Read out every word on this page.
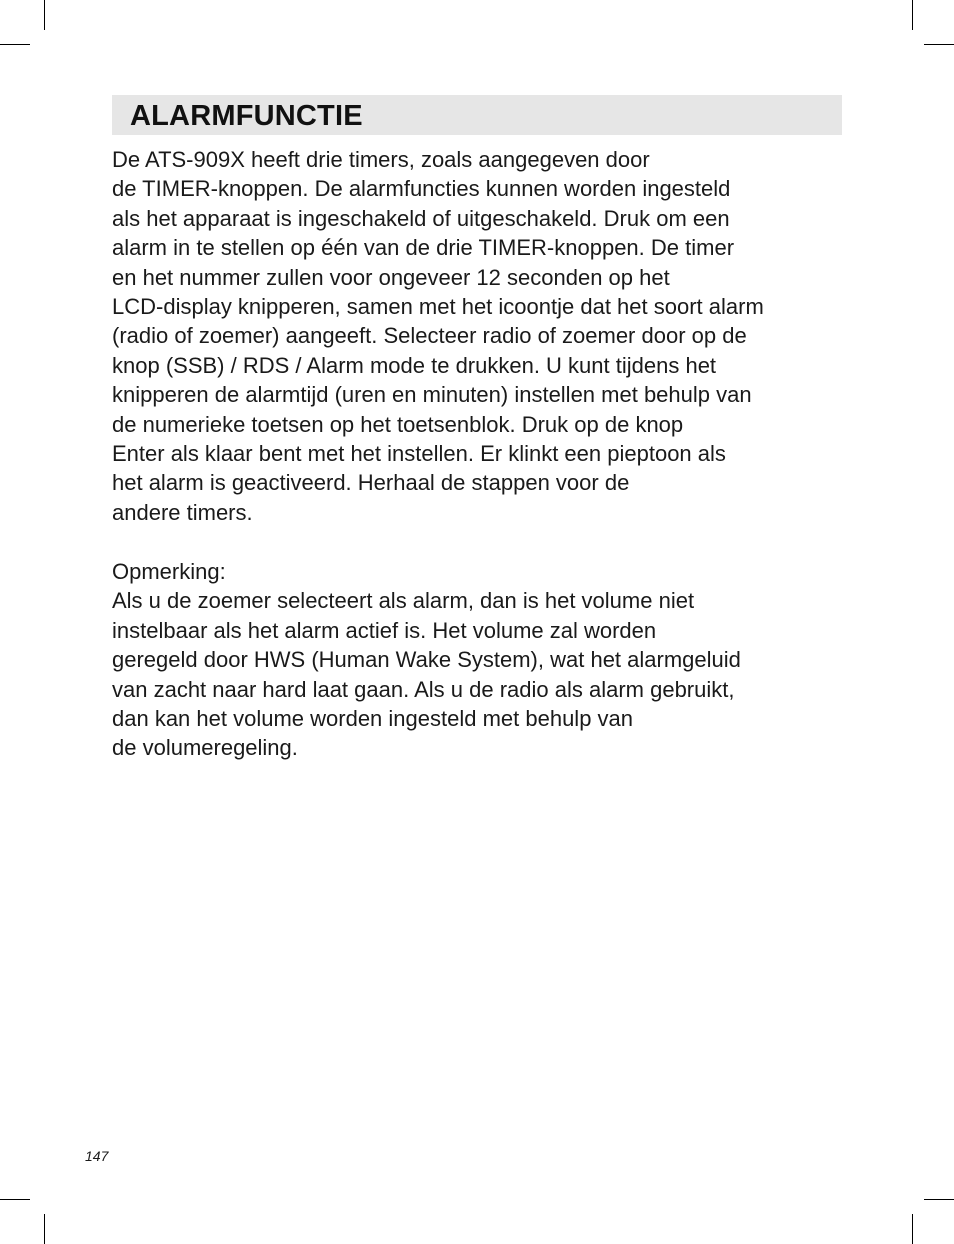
ALARMFUNCTIE
De ATS-909X heeft drie timers, zoals aangegeven door
de TIMER-knoppen. De alarmfuncties kunnen worden ingesteld
als het apparaat is ingeschakeld of uitgeschakeld. Druk om een
alarm in te stellen op één van de drie TIMER-knoppen. De timer
en het nummer zullen voor ongeveer 12 seconden op het
LCD-display knipperen, samen met het icoontje dat het soort alarm
(radio of zoemer) aangeeft. Selecteer radio of zoemer door op de
knop (SSB) / RDS / Alarm mode te drukken. U kunt tijdens het
knipperen de alarmtijd (uren en minuten) instellen met behulp van
de numerieke toetsen op het toetsenblok. Druk op de knop
Enter als klaar bent met het instellen. Er klinkt een pieptoon als
het alarm is geactiveerd. Herhaal de stappen voor de
andere timers.
Opmerking:
Als u de zoemer selecteert als alarm, dan is het volume niet
instelbaar als het alarm actief is. Het volume zal worden
geregeld door HWS (Human Wake System), wat het alarmgeluid
van zacht naar hard laat gaan. Als u de radio als alarm gebruikt,
dan kan het volume worden ingesteld met behulp van
de volumeregeling.
147
